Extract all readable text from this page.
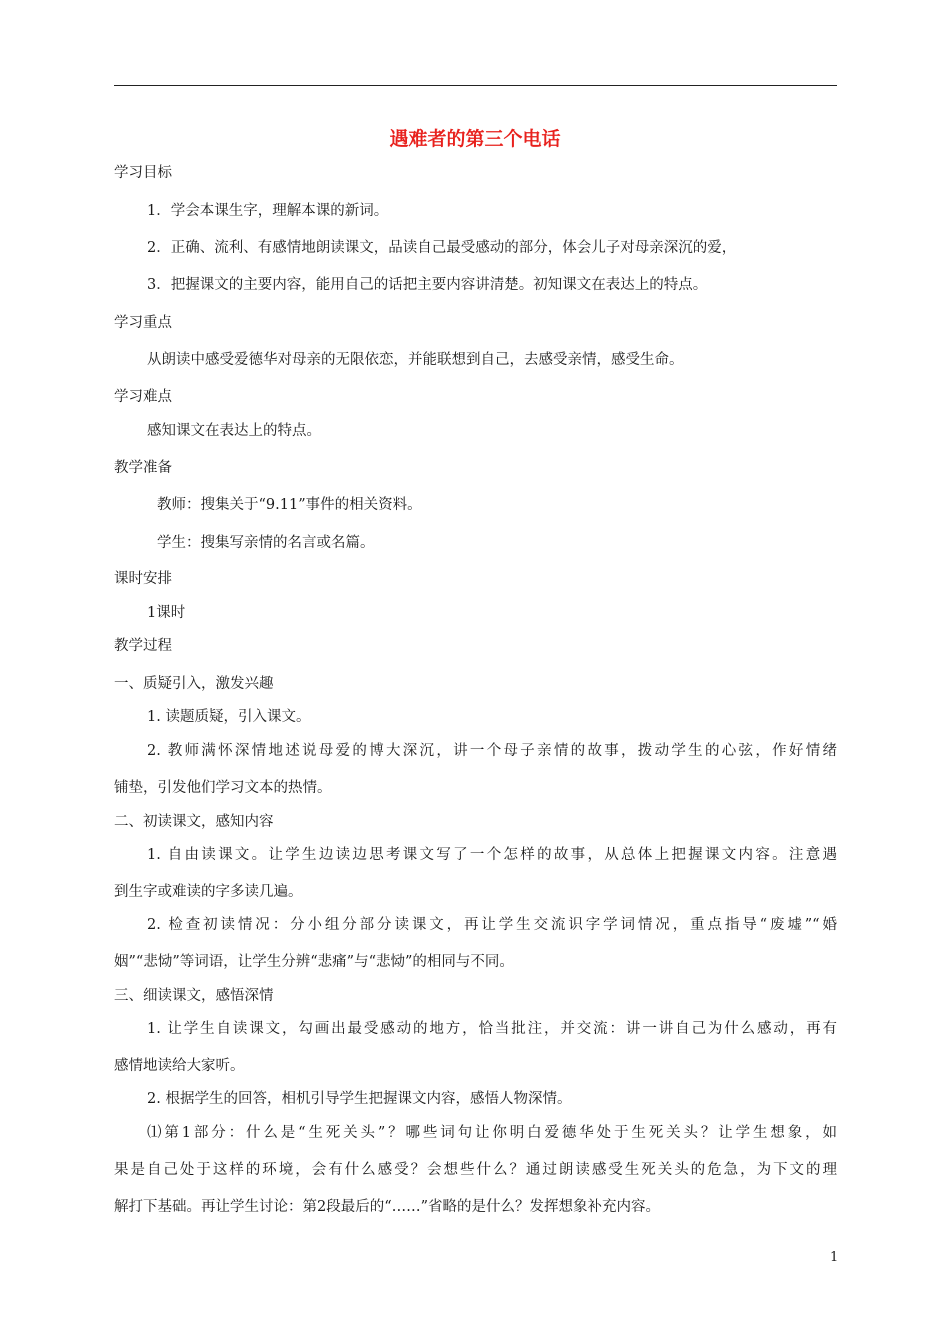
遇难者的第三个电话
学习目标
1．学会本课生字，理解本课的新词。
2．正确、流利、有感情地朗读课文，品读自己最受感动的部分，体会儿子对母亲深沉的爱，
3．把握课文的主要内容，能用自己的话把主要内容讲清楚。初知课文在表达上的特点。
学习重点
从朗读中感受爱德华对母亲的无限依恋，并能联想到自己，去感受亲情，感受生命。
学习难点
感知课文在表达上的特点。
教学准备
教师：搜集关于“9.11”事件的相关资料。
学生：搜集写亲情的名言或名篇。
课时安排
1课时
教学过程
一、质疑引入，激发兴趣
1. 读题质疑，引入课文。
2. 教师满怀深情地述说母爱的博大深沉，讲一个母子亲情的故事，拨动学生的心弦，作好情绪
铺垫，引发他们学习文本的热情。
二、初读课文，感知内容
1. 自由读课文。让学生边读边思考课文写了一个怎样的故事，从总体上把握课文内容。注意遇
到生字或难读的字多读几遍。
2. 检查初读情况：分小组分部分读课文，再让学生交流识字学词情况，重点指导“废墟”“婚
姻”“悲恸”等词语，让学生分辨“悲痛”与“悲恸”的相同与不同。
三、细读课文，感悟深情
1. 让学生自读课文，勾画出最受感动的地方，恰当批注，并交流：讲一讲自己为什么感动，再有
感情地读给大家听。
2. 根据学生的回答，相机引导学生把握课文内容，感悟人物深情。
⑴第1部分：什么是“生死关头”？哪些词句让你明白爱德华处于生死关头？让学生想象，如
果是自己处于这样的环境，会有什么感受？会想些什么？通过朗读感受生死关头的危急，为下文的理
解打下基础。再让学生讨论：第2段最后的“……”省略的是什么？发挥想象补充内容。
1
